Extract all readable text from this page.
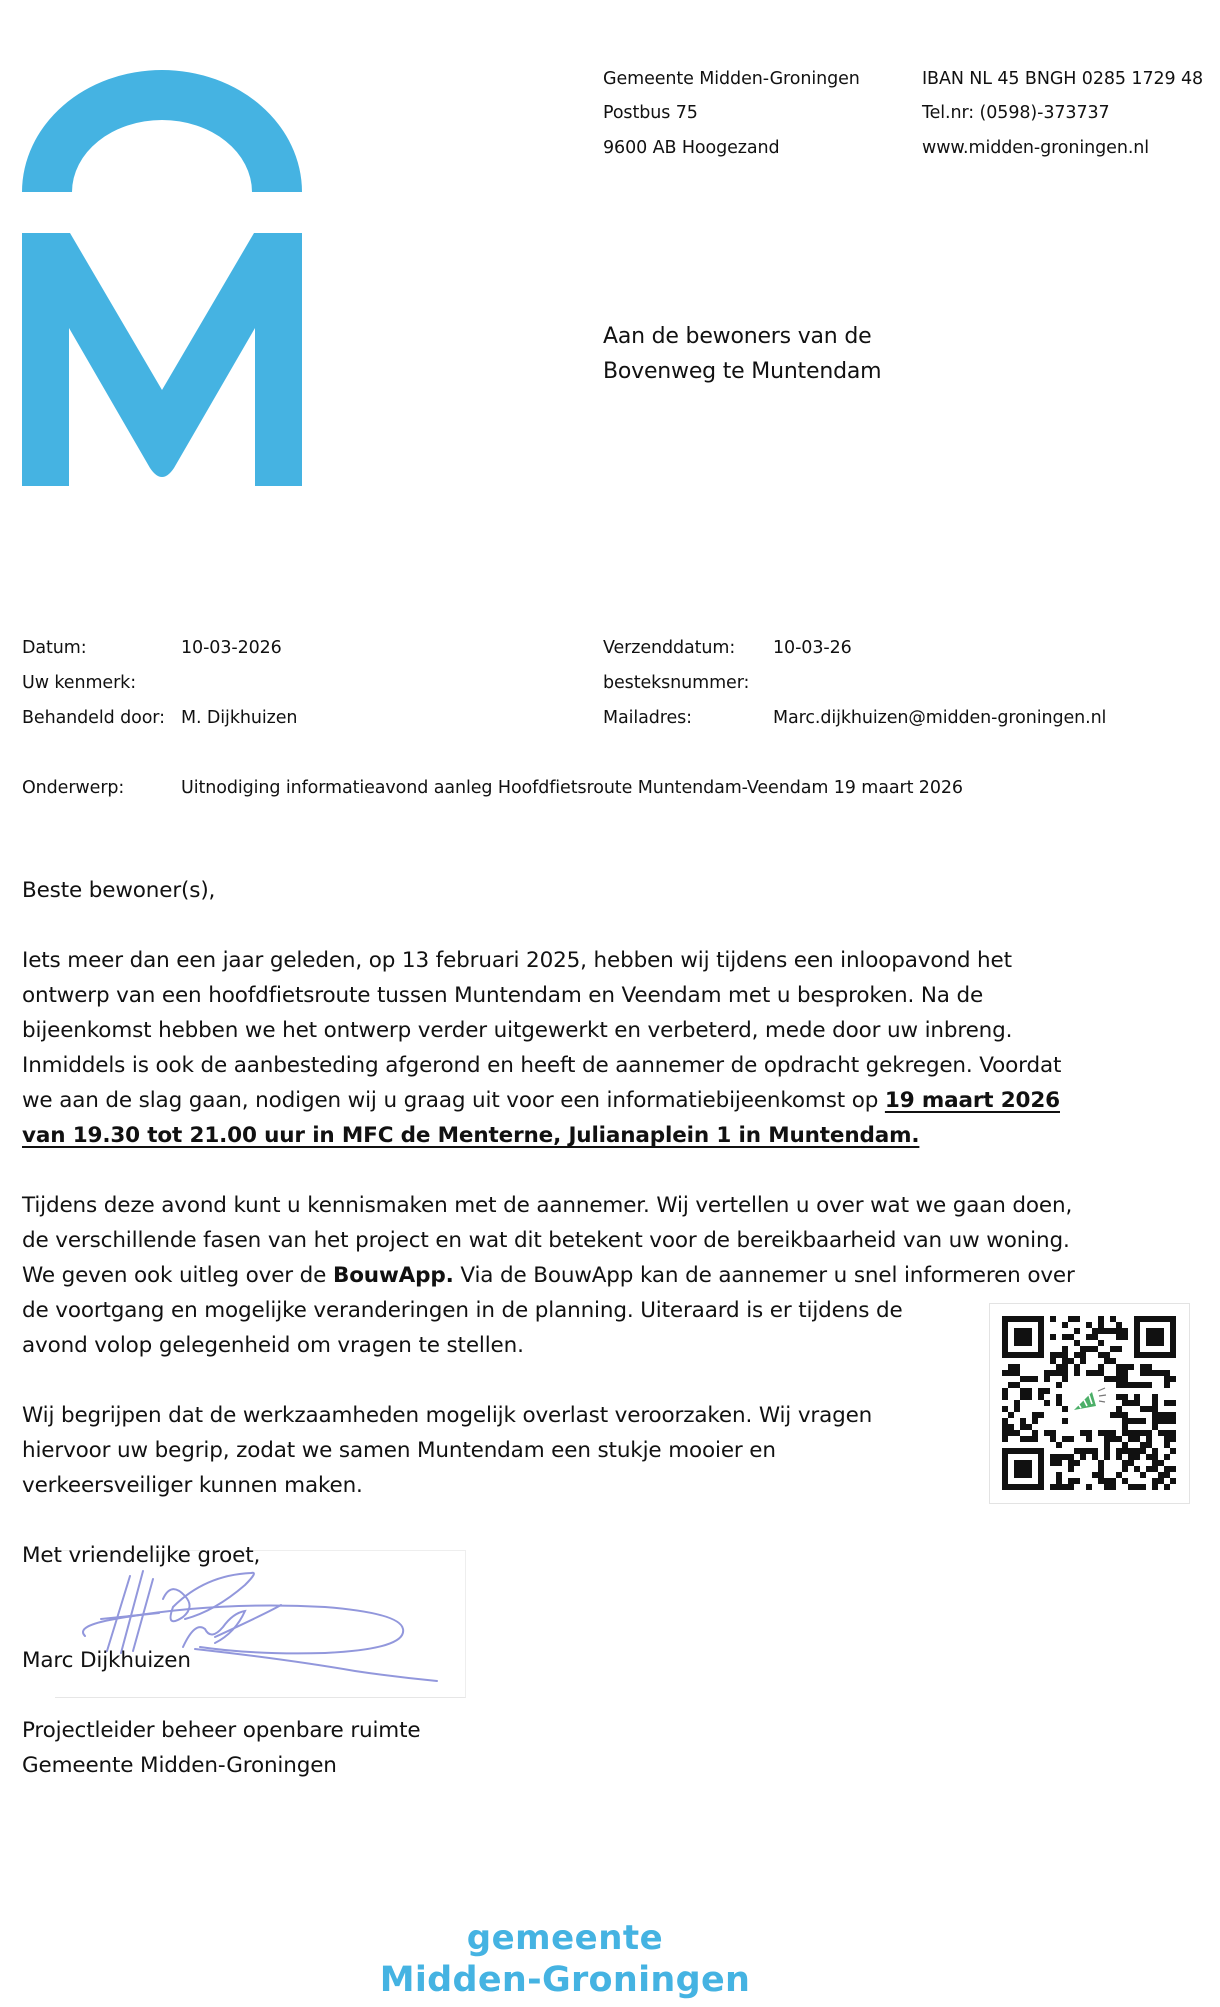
Gemeente Midden-Groningen
Postbus 75
9600 AB Hoogezand
IBAN NL 45 BNGH 0285 1729 48
Tel.nr: (0598)-373737
www.midden-groningen.nl
Aan de bewoners van de
Bovenweg te Muntendam
Datum:	10-03-2026
Uw kenmerk:
Behandeld door: M. Dijkhuizen
Verzenddatum: 10-03-26
besteksnummer:
Mailadres:	Marc.dijkhuizen@midden-groningen.nl
Onderwerp:	Uitnodiging informatieavond aanleg Hoofdfietsroute Muntendam-Veendam 19 maart 2026
Beste bewoner(s),
Iets meer dan een jaar geleden, op 13 februari 2025, hebben wij tijdens een inloopavond het
ontwerp van een hoofdfietsroute tussen Muntendam en Veendam met u besproken. Na de
bijeenkomst hebben we het ontwerp verder uitgewerkt en verbeterd, mede door uw inbreng.
Inmiddels is ook de aanbesteding afgerond en heeft de aannemer de opdracht gekregen. Voordat
we aan de slag gaan, nodigen wij u graag uit voor een informatiebijeenkomst op 19 maart 2026
van 19.30 tot 21.00 uur in MFC de Menterne, Julianaplein 1 in Muntendam.
Tijdens deze avond kunt u kennismaken met de aannemer. Wij vertellen u over wat we gaan doen,
de verschillende fasen van het project en wat dit betekent voor de bereikbaarheid van uw woning.
We geven ook uitleg over de BouwApp. Via de BouwApp kan de aannemer u snel informeren over
de voortgang en mogelijke veranderingen in de planning. Uiteraard is er tijdens de
avond volop gelegenheid om vragen te stellen.
Wij begrijpen dat de werkzaamheden mogelijk overlast veroorzaken. Wij vragen
hiervoor uw begrip, zodat we samen Muntendam een stukje mooier en
verkeersveiliger kunnen maken.
Met vriendelijke groet,
Marc Dijkhuizen
Projectleider beheer openbare ruimte
Gemeente Midden-Groningen
gemeente
Midden-Groningen
